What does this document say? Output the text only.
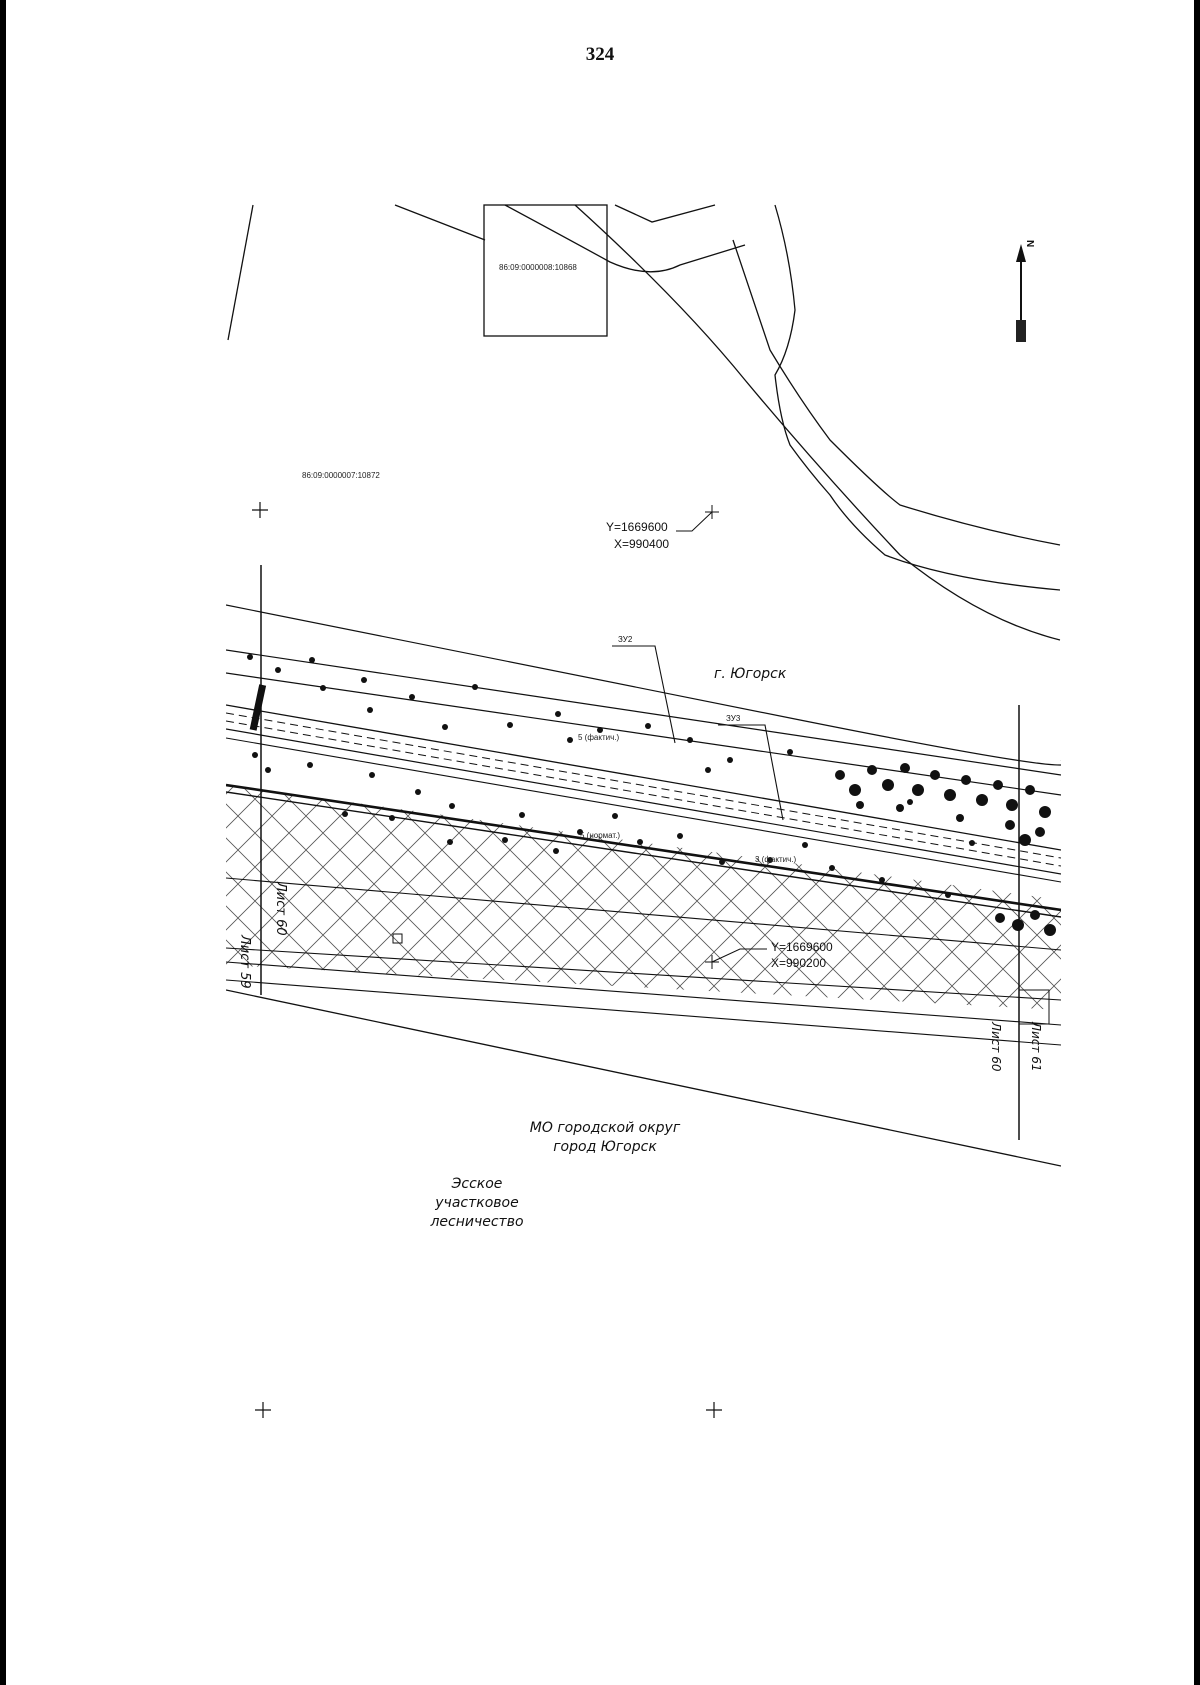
324
N
86:09:0000008:10868
86:09:0000007:10872
Y=1669600
X=990400
ЗУ2
ЗУ3
5 (фактич.)
5 (нормат.)
3 (фактич.)
г. Югорск
Y=1669600
X=990200
Лист 59
Лист 60
Лист 60 Лист 61
МО городской округ
город Югорск
Эсское
участковое
лесничество
